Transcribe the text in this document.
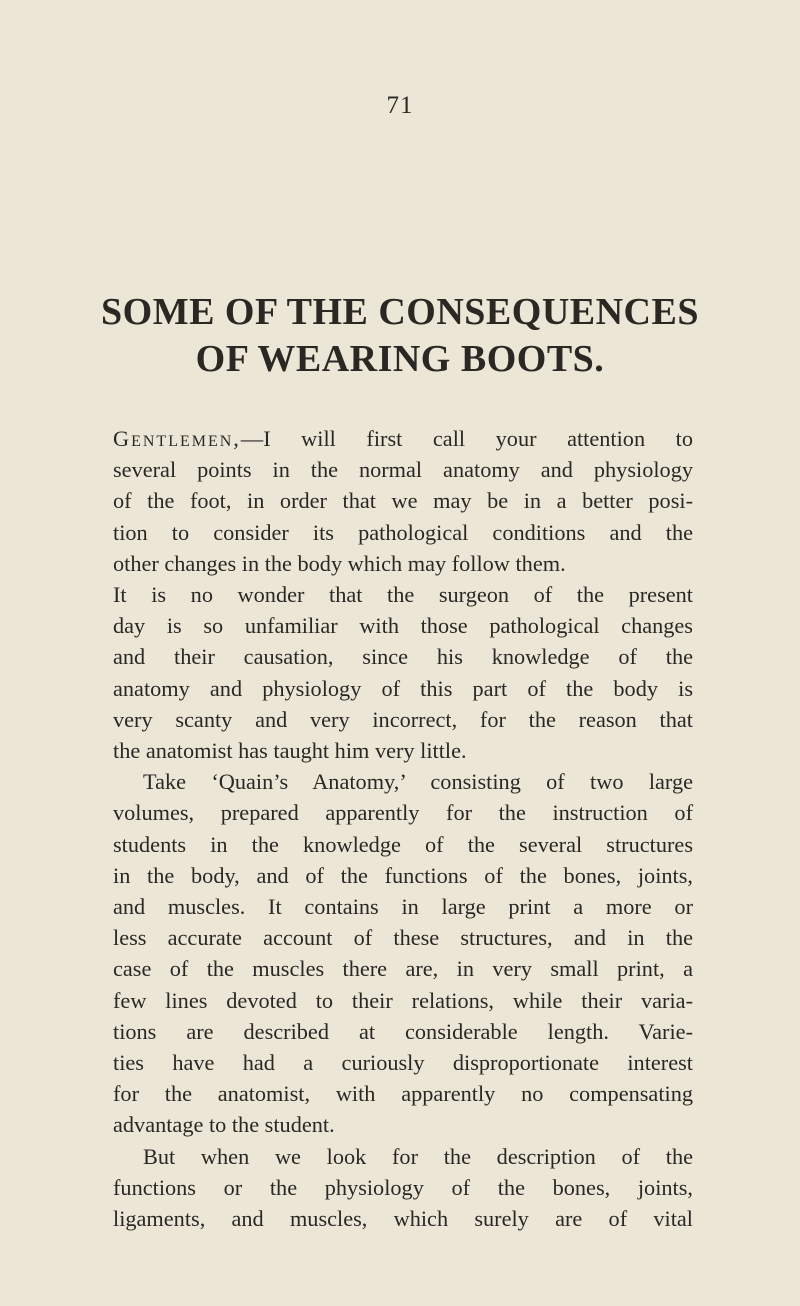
71
SOME OF THE CONSEQUENCES
OF WEARING BOOTS.
Gentlemen,—I will first call your attention to
several points in the normal anatomy and physiology
of the foot, in order that we may be in a better posi-
tion to consider its pathological conditions and the
other changes in the body which may follow them.
It is no wonder that the surgeon of the present
day is so unfamiliar with those pathological changes
and their causation, since his knowledge of the
anatomy and physiology of this part of the body is
very scanty and very incorrect, for the reason that
the anatomist has taught him very little.
Take ‘Quain’s Anatomy,’ consisting of two large
volumes, prepared apparently for the instruction of
students in the knowledge of the several structures
in the body, and of the functions of the bones, joints,
and muscles. It contains in large print a more or
less accurate account of these structures, and in the
case of the muscles there are, in very small print, a
few lines devoted to their relations, while their varia-
tions are described at considerable length. Varie-
ties have had a curiously disproportionate interest
for the anatomist, with apparently no compensating
advantage to the student.
But when we look for the description of the
functions or the physiology of the bones, joints,
ligaments, and muscles, which surely are of vital
